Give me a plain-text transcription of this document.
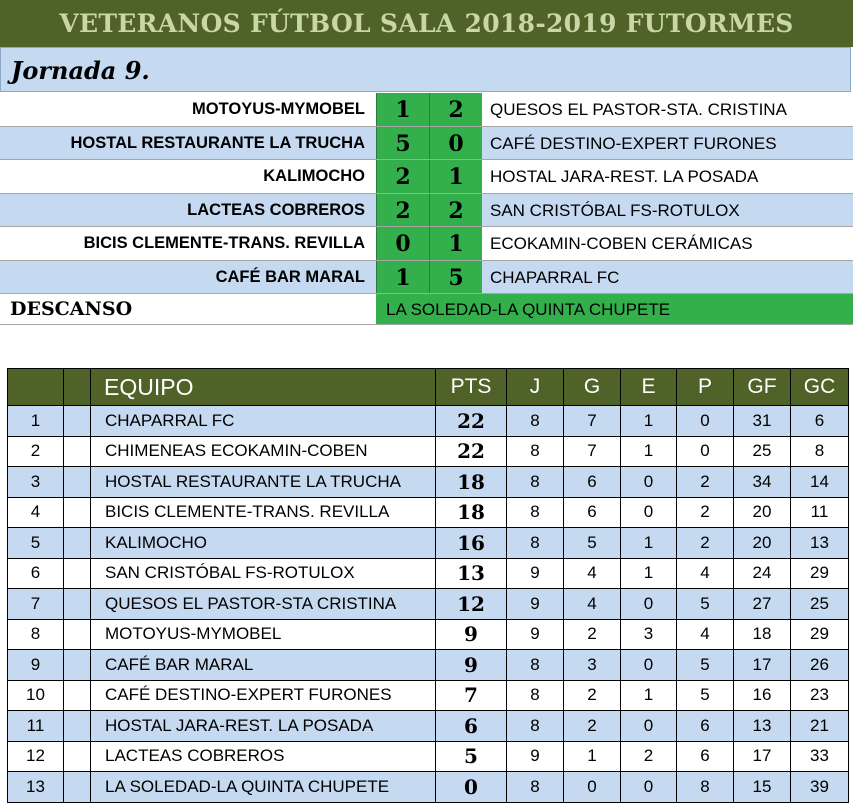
VETERANOS FÚTBOL SALA 2018-2019 FUTORMES
Jornada 9.
MOTOYUS-MYMOBEL	1	2	QUESOS EL PASTOR-STA. CRISTINA
HOSTAL RESTAURANTE LA TRUCHA	5	0	CAFÉ DESTINO-EXPERT FURONES
KALIMOCHO	2	1	HOSTAL JARA-REST. LA POSADA
LACTEAS COBREROS	2	2	SAN CRISTÓBAL FS-ROTULOX
BICIS CLEMENTE-TRANS. REVILLA	0	1	ECOKAMIN-COBEN CERÁMICAS
CAFÉ BAR MARAL	1	5	CHAPARRAL FC
DESCANSO	LA SOLEDAD-LA QUINTA CHUPETE
		EQUIPO	PTS	J	G	E	P	GF	GC
1		CHAPARRAL FC	22	8	7	1	0	31	6
2		CHIMENEAS ECOKAMIN-COBEN	22	8	7	1	0	25	8
3		HOSTAL RESTAURANTE LA TRUCHA	18	8	6	0	2	34	14
4		BICIS CLEMENTE-TRANS. REVILLA	18	8	6	0	2	20	11
5		KALIMOCHO	16	8	5	1	2	20	13
6		SAN CRISTÓBAL FS-ROTULOX	13	9	4	1	4	24	29
7		QUESOS EL PASTOR-STA CRISTINA	12	9	4	0	5	27	25
8		MOTOYUS-MYMOBEL	9	9	2	3	4	18	29
9		CAFÉ BAR MARAL	9	8	3	0	5	17	26
10		CAFÉ DESTINO-EXPERT FURONES	7	8	2	1	5	16	23
11		HOSTAL JARA-REST. LA POSADA	6	8	2	0	6	13	21
12		LACTEAS COBREROS	5	9	1	2	6	17	33
13		LA SOLEDAD-LA QUINTA CHUPETE	0	8	0	0	8	15	39
